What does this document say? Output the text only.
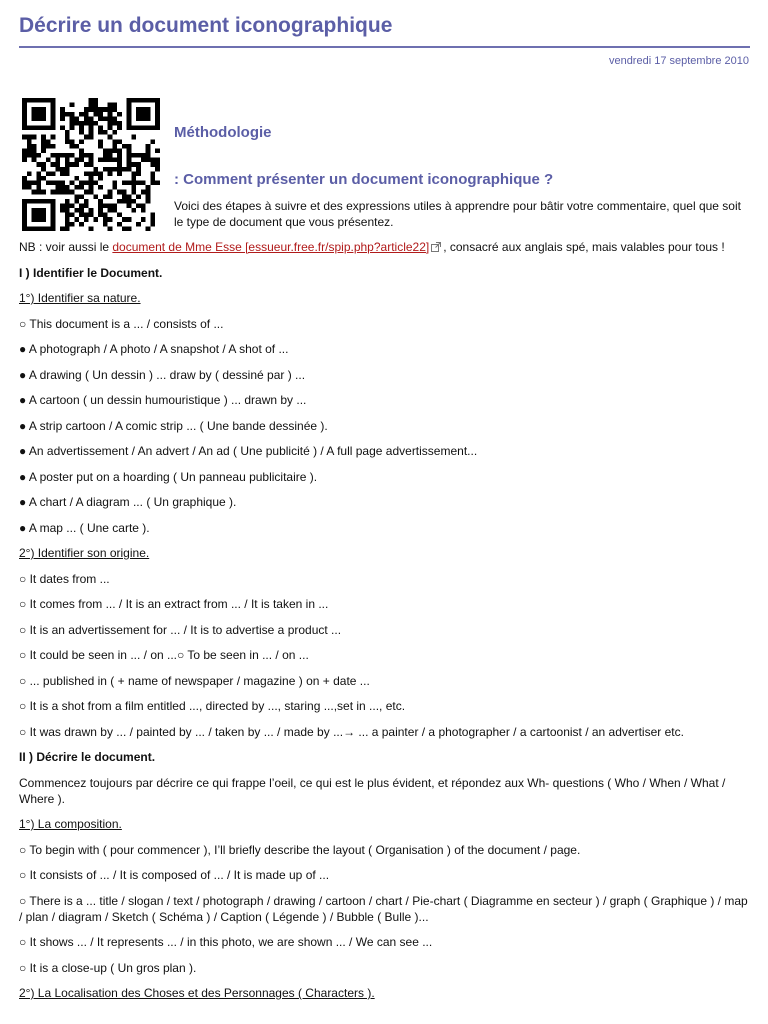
Décrire un document iconographique
vendredi 17 septembre 2010
Méthodologie
: Comment présenter un document iconographique ?
Voici des étapes à suivre et des expressions utiles à apprendre pour bâtir votre commentaire, quel que soit le type de document que vous présentez.
NB : voir aussi le document de Mme Esse [essueur.free.fr/spip.php?article22] , consacré aux anglais spé, mais valables pour tous !
I ) Identifier le Document.
1°) Identifier sa nature.
○ This document is a ... / consists of ...
● A photograph / A photo / A snapshot / A shot of ...
● A drawing ( Un dessin ) ... draw by ( dessiné par ) ...
● A cartoon ( un dessin humouristique ) ... drawn by ...
● A strip cartoon / A comic strip ... ( Une bande dessinée ).
● An advertissement / An advert / An ad ( Une publicité ) / A full page advertissement...
● A poster put on a hoarding ( Un panneau publicitaire ).
● A chart / A diagram ... ( Un graphique ).
● A map ... ( Une carte ).
2°) Identifier son origine.
○ It dates from ...
○ It comes from ... / It is an extract from ... / It is taken in ...
○ It is an advertissement for ... / It is to advertise a product ...
○ It could be seen in ... / on ...○ To be seen in ... / on ...
○ ... published in ( + name of newspaper / magazine ) on + date ...
○ It is a shot from a film entitled ..., directed by ..., staring ...,set in ..., etc.
○ It was drawn by ... / painted by ... / taken by ... / made by ...→ ... a painter / a photographer / a cartoonist / an advertiser etc.
II ) Décrire le document.
Commencez toujours par décrire ce qui frappe l’oeil, ce qui est le plus évident, et répondez aux Wh- questions ( Who / When / What / Where ).
1°) La composition.
○ To begin with ( pour commencer ), I’ll briefly describe the layout ( Organisation ) of the document / page.
○ It consists of ... / It is composed of ... / It is made up of ...
○ There is a ... title / slogan / text / photograph / drawing / cartoon / chart / Pie-chart ( Diagramme en secteur ) / graph ( Graphique ) / map / plan / diagram / Sketch ( Schéma ) / Caption ( Légende ) / Bubble ( Bulle )...
○ It shows ... / It represents ... / in this photo, we are shown ... / We can see ...
○ It is a close-up ( Un gros plan ).
2°) La Localisation des Choses et des Personnages ( Characters ).
